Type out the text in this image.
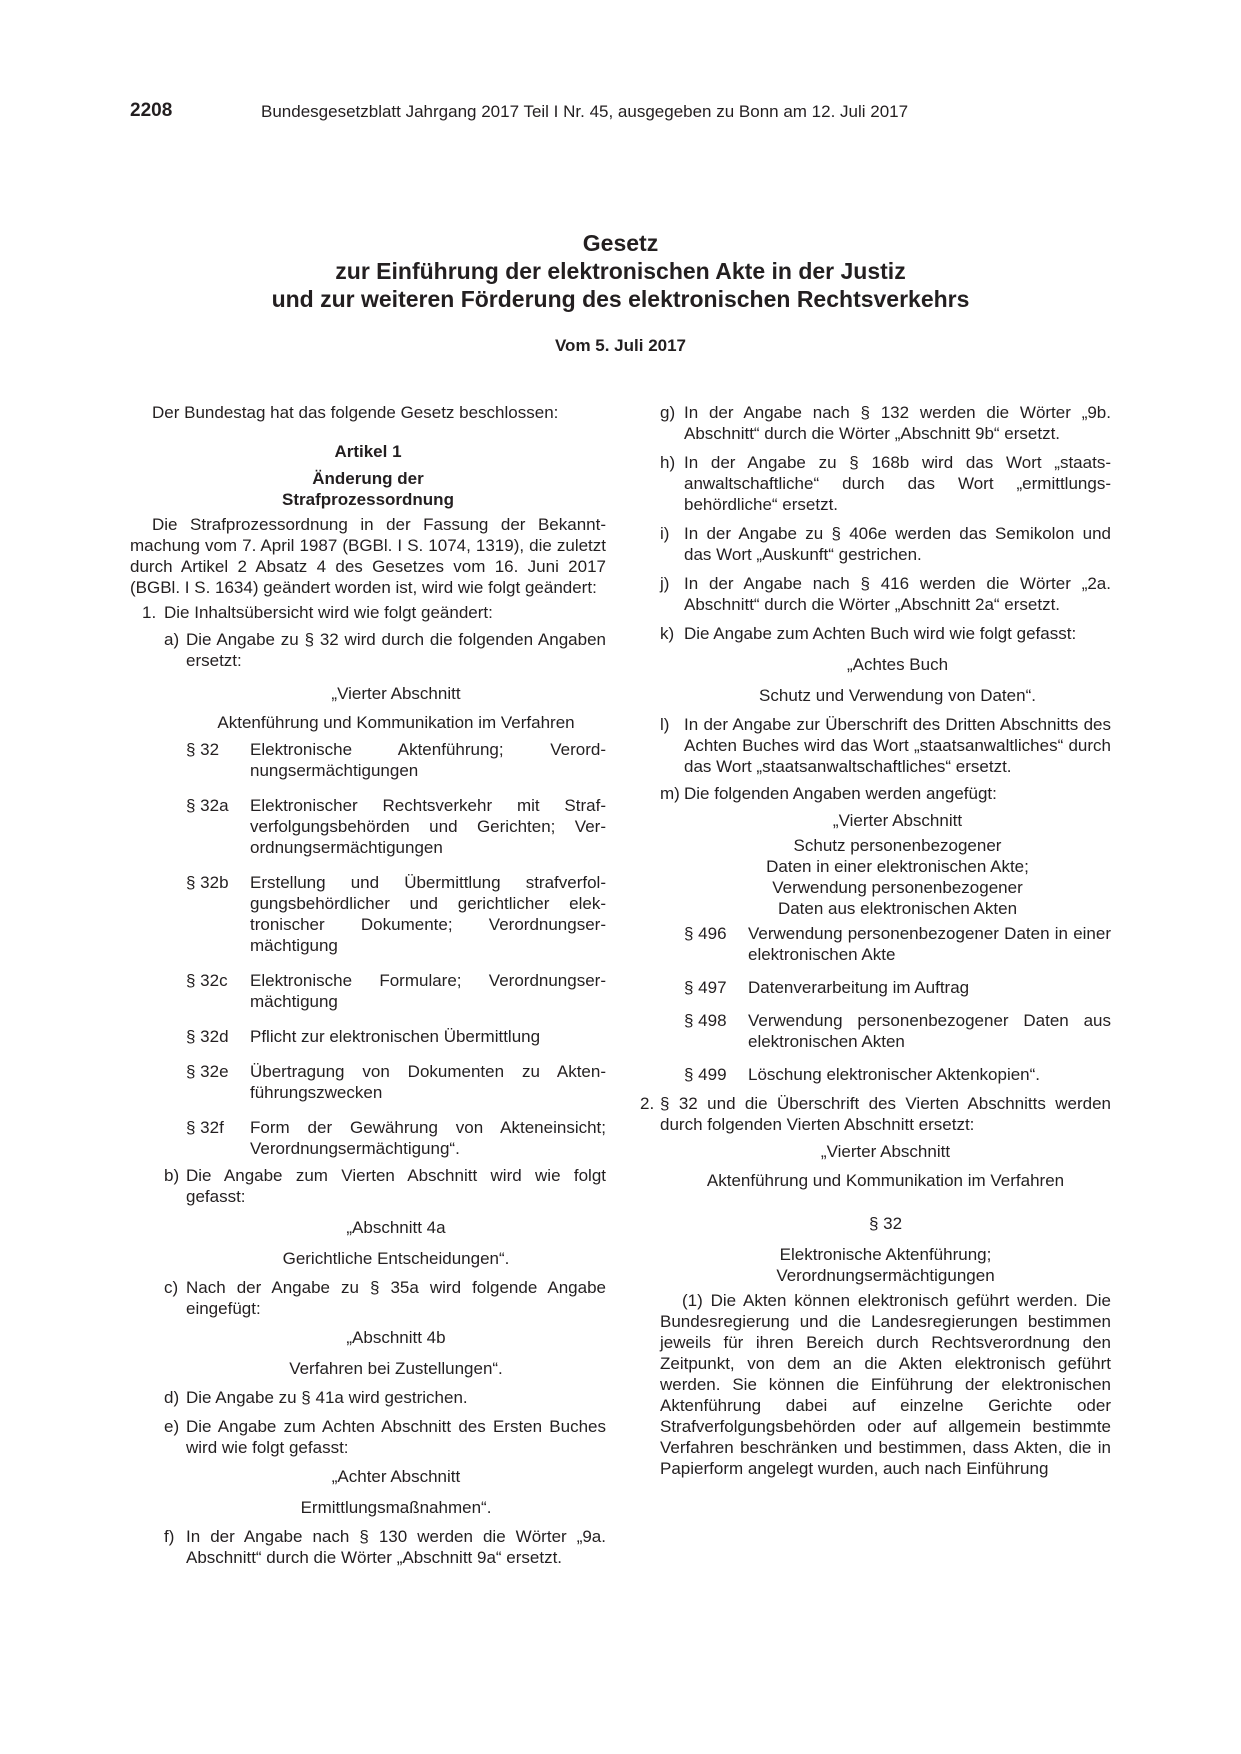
2208	Bundesgesetzblatt Jahrgang 2017 Teil I Nr. 45, ausgegeben zu Bonn am 12. Juli 2017
Gesetz
zur Einführung der elektronischen Akte in der Justiz
und zur weiteren Förderung des elektronischen Rechtsverkehrs
Vom 5. Juli 2017
Der Bundestag hat das folgende Gesetz beschlossen:
Artikel 1
Änderung der
Strafprozessordnung
Die Strafprozessordnung in der Fassung der Bekanntmachung vom 7. April 1987 (BGBl. I S. 1074, 1319), die zuletzt durch Artikel 2 Absatz 4 des Gesetzes vom 16. Juni 2017 (BGBl. I S. 1634) geändert worden ist, wird wie folgt geändert:
1. Die Inhaltsübersicht wird wie folgt geändert:
a) Die Angabe zu § 32 wird durch die folgenden Angaben ersetzt:
„Vierter Abschnitt
Aktenführung und Kommunikation im Verfahren
§ 32	Elektronische Aktenführung; Verordnungsermächtigungen
§ 32a	Elektronischer Rechtsverkehr mit Strafverfolgungsbehörden und Gerichten; Verordnungsermächtigungen
§ 32b	Erstellung und Übermittlung strafverfolgungsbehördlicher und gerichtlicher elektronischer Dokumente; Verordnungsermächtigung
§ 32c	Elektronische Formulare; Verordnungsermächtigung
§ 32d	Pflicht zur elektronischen Übermittlung
§ 32e	Übertragung von Dokumenten zu Aktenführungszwecken
§ 32f	Form der Gewährung von Akteneinsicht; Verordnungsermächtigung“.
b) Die Angabe zum Vierten Abschnitt wird wie folgt gefasst:
„Abschnitt 4a
Gerichtliche Entscheidungen“.
c) Nach der Angabe zu § 35a wird folgende Angabe eingefügt:
„Abschnitt 4b
Verfahren bei Zustellungen“.
d) Die Angabe zu § 41a wird gestrichen.
e) Die Angabe zum Achten Abschnitt des Ersten Buches wird wie folgt gefasst:
„Achter Abschnitt
Ermittlungsmaßnahmen“.
f) In der Angabe nach § 130 werden die Wörter „9a. Abschnitt“ durch die Wörter „Abschnitt 9a“ ersetzt.
g) In der Angabe nach § 132 werden die Wörter „9b. Abschnitt“ durch die Wörter „Abschnitt 9b“ ersetzt.
h) In der Angabe zu § 168b wird das Wort „staatsanwaltschaftliche“ durch das Wort „ermittlungsbehördliche“ ersetzt.
i) In der Angabe zu § 406e werden das Semikolon und das Wort „Auskunft“ gestrichen.
j) In der Angabe nach § 416 werden die Wörter „2a. Abschnitt“ durch die Wörter „Abschnitt 2a“ ersetzt.
k) Die Angabe zum Achten Buch wird wie folgt gefasst:
„Achtes Buch
Schutz und Verwendung von Daten“.
l) In der Angabe zur Überschrift des Dritten Abschnitts des Achten Buches wird das Wort „staatsanwaltliches“ durch das Wort „staatsanwaltschaftliches“ ersetzt.
m) Die folgenden Angaben werden angefügt:
„Vierter Abschnitt
Schutz personenbezogener
Daten in einer elektronischen Akte;
Verwendung personenbezogener
Daten aus elektronischen Akten
§ 496	Verwendung personenbezogener Daten in einer elektronischen Akte
§ 497	Datenverarbeitung im Auftrag
§ 498	Verwendung personenbezogener Daten aus elektronischen Akten
§ 499	Löschung elektronischer Aktenkopien“.
2. § 32 und die Überschrift des Vierten Abschnitts werden durch folgenden Vierten Abschnitt ersetzt:
„Vierter Abschnitt
Aktenführung und Kommunikation im Verfahren
§ 32
Elektronische Aktenführung;
Verordnungsermächtigungen
(1) Die Akten können elektronisch geführt werden. Die Bundesregierung und die Landesregierungen bestimmen jeweils für ihren Bereich durch Rechtsverordnung den Zeitpunkt, von dem an die Akten elektronisch geführt werden. Sie können die Einführung der elektronischen Aktenführung dabei auf einzelne Gerichte oder Strafverfolgungsbehörden oder auf allgemein bestimmte Verfahren beschränken und bestimmen, dass Akten, die in Papierform angelegt wurden, auch nach Einführung
